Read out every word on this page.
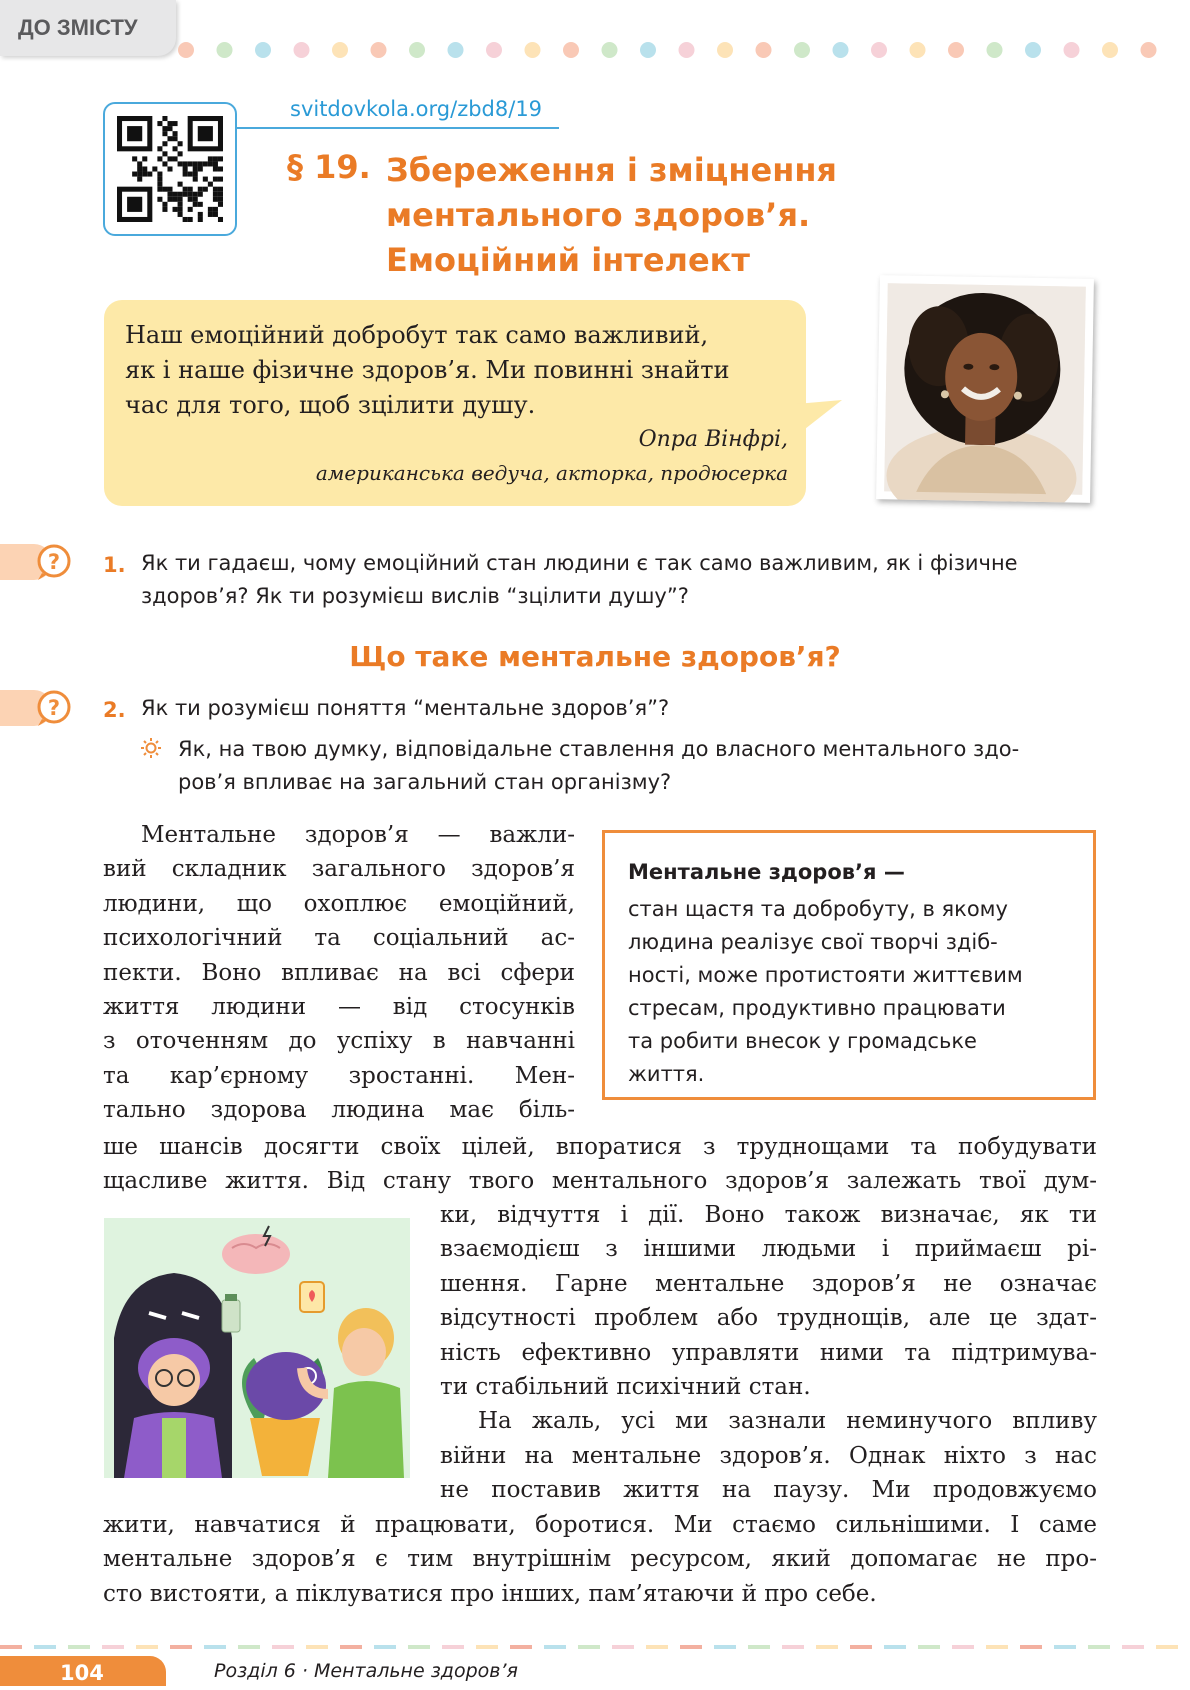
ДО ЗМІСТУ
svitdovkola.org/zbd8/19
§ 19. Збереження і зміцнення
ментального здоров’я.
Емоційний інтелект
Наш емоційний добробут так само важливий,
як і наше фізичне здоров’я. Ми повинні знайти
час для того, щоб зцілити душу.
Опра Вінфрі,
американська ведуча, акторка, продюсерка
? 1. Як ти гадаєш, чому емоційний стан людини є так само важливим, як і фізичне
здоров’я? Як ти розумієш вислів “зцілити душу”?
Що таке ментальне здоров’я?
? 2. Як ти розумієш поняття “ментальне здоров’я”?
Як, на твою думку, відповідальне ставлення до власного ментального здо-
ров’я впливає на загальний стан організму?
Ментальне здоров’я —
стан щастя та добробуту, в якому
людина реалізує свої творчі здіб-
ності, може протистояти життєвим
стресам, продуктивно працювати
та робити внесок у громадське
життя.
Ментальне здоров’я — важли-
вий складник загального здоров’я
людини, що охоплює емоційний,
психологічний та соціальний ас-
пекти. Воно впливає на всі сфери
життя людини — від стосунків
з оточенням до успіху в навчанні
та кар’єрному зростанні. Мен-
тально здорова людина має біль-
ше шансів досягти своїх цілей, впоратися з труднощами та побудувати
щасливе життя. Від стану твого ментального здоров’я залежать твої дум-
ки, відчуття і дії. Воно також визначає, як ти
взаємодієш з іншими людьми і приймаєш рі-
шення. Гарне ментальне здоров’я не означає
відсутності проблем або труднощів, але це здат-
ність ефективно управляти ними та підтримува-
ти стабільний психічний стан.
На жаль, усі ми зазнали неминучого впливу
війни на ментальне здоров’я. Однак ніхто з нас
не поставив життя на паузу. Ми продовжуємо
жити, навчатися й працювати, боротися. Ми стаємо сильнішими. І саме
ментальне здоров’я є тим внутрішнім ресурсом, який допомагає не про-
сто вистояти, а піклуватися про інших, пам’ятаючи й про себе.
104	Розділ 6 · Ментальне здоров’я
